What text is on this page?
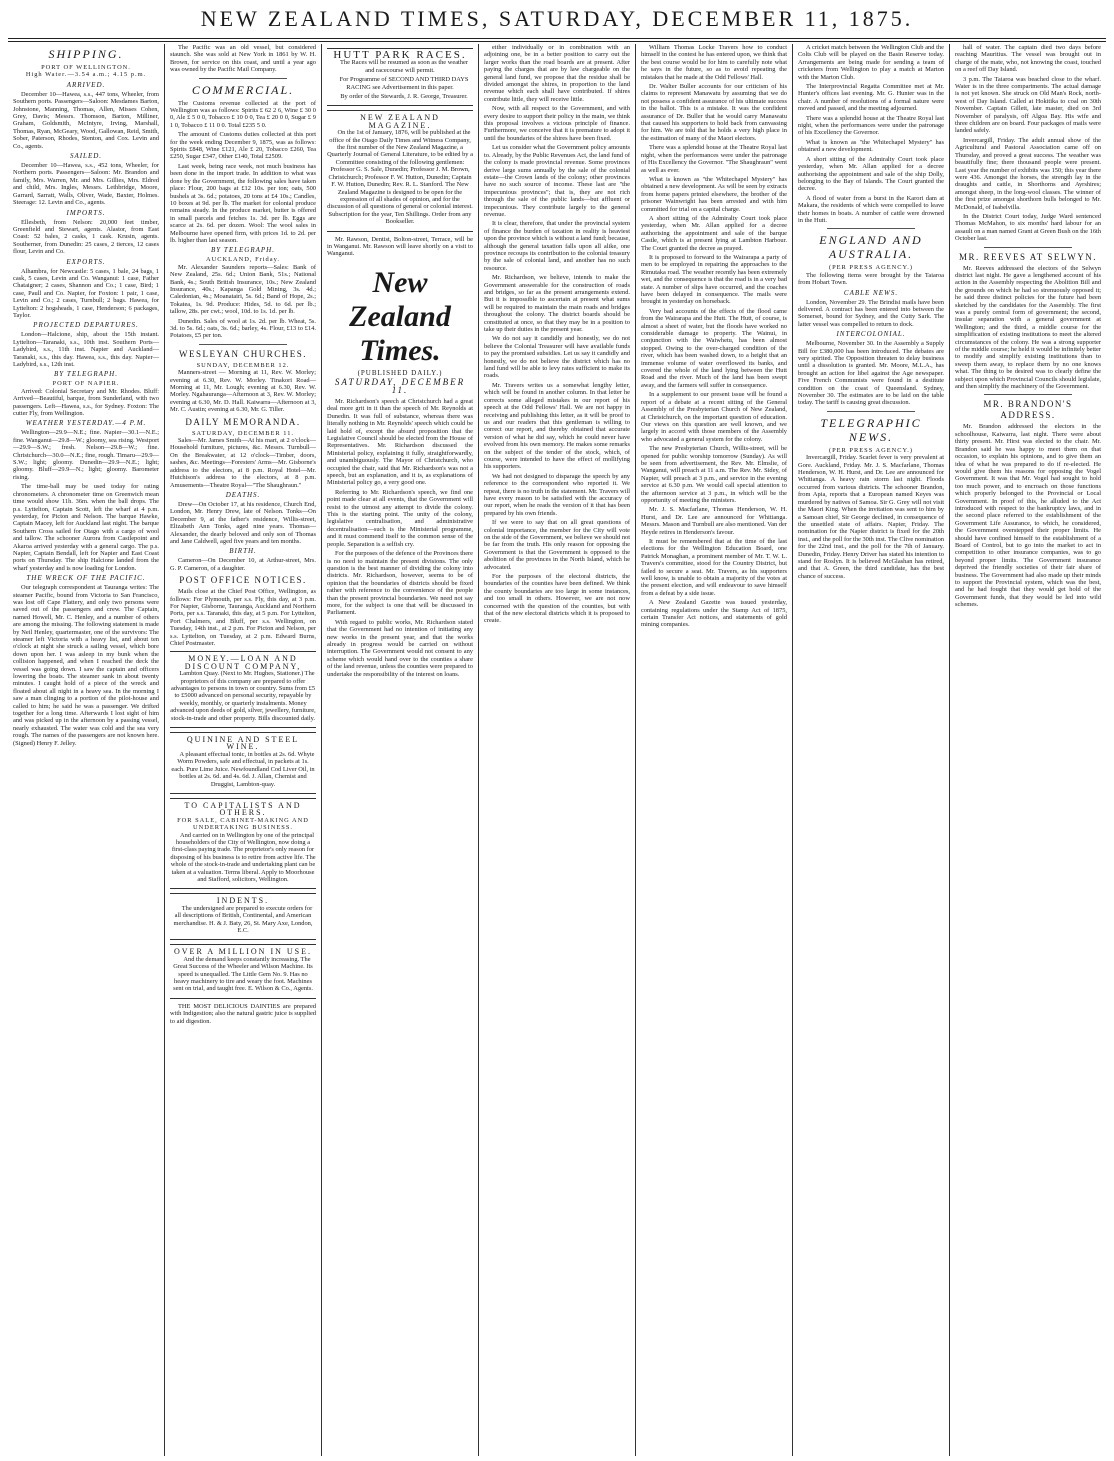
NEW ZEALAND TIMES, SATURDAY, DECEMBER 11, 1875.
SHIPPING.
PORT OF WELLINGTON.
High Water.—3.54 a.m.; 4.15 p.m.
ARRIVED.

December 10—Hawea, s.s., 447 tons, Wheeler, from Southern ports. Passengers—Saloon: Mesdames Barton, Johnstone, Manning, Thomas, Allen, Misses Cohen, Grey, Davis; Messrs. Thomson, Barton, Milliner, Graham, Goldsmith, McIntyre, Irving, Marshall, Thomas, Ryan, McGeary, Wood, Gallowan, Reid, Smith, Sober, Paterson, Rhodes, Stenton, and Cox. Levin and Co., agents.

SAILED.

December 10—Hawea, s.s., 452 tons, Wheeler, for Northern ports. Passengers—Saloon: Mr. Brandon and family, Mrs. Warren, Mr. and Mrs. Gillies, Mrs. Eldred and child, Mrs. Ingles, Messrs. Lethbridge, Moore, Garrard, Sarratt, Walls, Oliver, Wade, Baxter, Holmes. Steerage: 12. Levin and Co., agents.

IMPORTS.

Ellesbeth, from Nelson: 20,000 feet timber, Greenfield and Stewart, agents. Alastor, from East Coast: 52 bales, 2 casks, 1 cask. Krusin, agents. Southerner, from Dunedin: 25 cases, 2 tierces, 12 cases flour, Levin and Co.

EXPORTS.

Alhambra, for Newcastle: 5 cases, 1 bale, 24 bags, 1 cask, 5 cases, Levin and Co. Wanganui: 1 case, Father Chataigner; 2 cases, Shannon and Co.; 1 case, Bird; 1 case, Paull and Co. Napier, for Foxton: 1 pair, 1 case, Levin and Co.; 2 cases, Turnbull; 2 bags. Hawea, for Lyttelton: 2 hogsheads, 1 case, Henderson; 6 packages, Taylor.

PROJECTED DEPARTURES.

London—Halcione, ship, about the 15th instant. Lyttelton—Taranaki, s.s., 10th inst. Southern Ports—Ladybird, s.s., 11th inst. Napier and Auckland—Taranaki, s.s., this day. Hawea, s.s., this day. Napier—Ladybird, s.s., 12th inst.

BY TELEGRAPH.
PORT OF NAPIER.

Arrived: Colonial Secretary and Mr. Rhodes. Bluff: Arrived—Beautiful, barque, from Sunderland, with two passengers. Left—Hawea, s.s., for Sydney. Foxton: The cutter Fly, from Wellington.

WEATHER YESTERDAY.—4 P.M.

Wellington—29.9—N.E.; fine. Napier—30.1—N.E.; fine. Wanganui—29.8—W.; gloomy, sea rising. Westport—29.9—S.W.; fresh. Nelson—29.8—W.; fine. Christchurch—30.0—N.E.; fine, rough. Timaru—29.9—S.W.; light; gloomy. Dunedin—29.9—N.E.; light; gloomy. Bluff—29.9—N.; light; gloomy. Barometer rising.

The time-ball may be used today for rating chronometers. A chronometer time on Greenwich mean time would show 11h. 36m. when the ball drops. The p.s. Lyttelton, Captain Scott, left the wharf at 4 p.m. yesterday, for Picton and Nelson. The barque Hawke, Captain Macey, left for Auckland last night. The barque Southern Cross sailed for Otago with a cargo of wool and tallow. The schooner Aurora from Castlepoint and Akaroa arrived yesterday with a general cargo. The p.s. Napier, Captain Bendall, left for Napier and East Coast ports on Thursday. The ship Halcione landed from the wharf yesterday and is now loading for London.

THE WRECK OF THE PACIFIC.

Our telegraph correspondent at Tauranga writes: The steamer Pacific, bound from Victoria to San Francisco, was lost off Cape Flattery, and only two persons were saved out of the passengers and crew. The Captain, named Howell, Mr. C. Henley, and a number of others are among the missing. The following statement is made by Neil Henley, quartermaster, one of the survivors: The steamer left Victoria with a heavy list, and about ten o'clock at night she struck a sailing vessel, which bore down upon her. I was asleep in my bunk when the collision happened, and when I reached the deck the vessel was going down. I saw the captain and officers lowering the boats. The steamer sank in about twenty minutes. I caught hold of a piece of the wreck and floated about all night in a heavy sea. In the morning I saw a man clinging to a portion of the pilot-house and called to him; he said he was a passenger. We drifted together for a long time. Afterwards I lost sight of him and was picked up in the afternoon by a passing vessel, nearly exhausted. The water was cold and the sea very rough. The names of the passengers are not known here. (Signed) Henry F. Jelley.

The Pacific was an old vessel, but considered staunch. She was sold at New York in 1861 by W. H. Brown, for service on this coast, and until a year ago was owned by the Pacific Mail Company.

COMMERCIAL.

The Customs revenue collected at the port of Wellington was as follows: Spirits £ 62 2 6, Wine £ 30 0 0, Ale £ 5 0 0, Tobacco £ 10 0 0, Tea £ 20 0 0, Sugar £ 9 1 0, Tobacco £ 11 0 0. Total £235 5 0.

The amount of Customs duties collected at this port for the week ending December 9, 1875, was as follows: Spirits £848, Wine £121, Ale £ 20, Tobacco £260, Tea £250, Sugar £347, Other £140, Total £2509.

Last week, being race week, not much business has been done in the import trade. In addition to what was done by the Government, the following sales have taken place: Flour, 200 bags at £12 10s. per ton; oats, 500 bushels at 3s. 6d.; potatoes, 20 tons at £4 10s.; Candles, 10 boxes at 9d. per lb. The market for colonial produce remains steady. In the produce market, butter is offered in small parcels and fetches 1s. 3d. per lb. Eggs are scarce at 2s. 6d. per dozen. Wool: The wool sales in Melbourne have opened firm, with prices 1d. to 2d. per lb. higher than last season.

BY TELEGRAPH.
AUCKLAND, Friday.

Mr. Alexander Saunders reports—Sales: Bank of New Zealand, 25s. 6d.; Union Bank, 51s.; National Bank, 4s.; South British Insurance, 10s.; New Zealand Insurance, 40s.; Kapanga Gold Mining, 3s. 4d.; Caledonian, 4s.; Moanatairi, 5s. 6d.; Band of Hope, 2s.; Tokatea, 1s. 9d. Produce: Hides, 5d. to 6d. per lb.; tallow, 28s. per cwt.; wool, 10d. to 1s. 1d. per lb.

Dunedin. Sales of wool at 1s. 2d. per lb. Wheat, 5s. 3d. to 5s. 6d.; oats, 3s. 6d.; barley, 4s. Flour, £13 to £14. Potatoes, £5 per ton.

WESLEYAN CHURCHES.
SUNDAY, DECEMBER 12.

Manners-street — Morning at 11, Rev. W. Morley; evening at 6.30, Rev. W. Morley. Tinakori Road—Morning at 11, Mr. Lough; evening at 6.30, Rev. W. Morley. Ngahauranga—Afternoon at 3, Rev. W. Morley; evening at 6.30, Mr. D. Hall. Kaiwarra—Afternoon at 3, Mr. C. Austin; evening at 6.30, Mr. G. Tiller.

DAILY MEMORANDA.
SATURDAY, DECEMBER 11.

Sales—Mr. James Smith—At his mart, at 2 o'clock—Household furniture, pictures, &c. Messrs. Turnbull—On the Breakwater, at 12 o'clock—Timber, doors, sashes, &c. Meetings—Foresters' Arms—Mr. Gisborne's address to the electors, at 8 p.m. Royal Hotel—Mr. Hutchison's address to the electors, at 8 p.m. Amusements—Theatre Royal—"The Shaughraun."

DEATHS.

Drew—On October 17, at his residence, Church End, London, Mr. Henry Drew, late of Nelson. Tonks—On December 9, at the father's residence, Willis-street, Elizabeth Ann Tonks, aged nine years. Thomas—Alexander, the dearly beloved and only son of Thomas and Jane Caldwell, aged five years and ten months.

BIRTH.

Cameron—On December 10, at Arthur-street, Mrs. G. P. Cameron, of a daughter.

POST OFFICE NOTICES.

Mails close at the Chief Post Office, Wellington, as follows: For Plymouth, per s.s. Fly, this day, at 3 p.m. For Napier, Gisborne, Tauranga, Auckland and Northern Ports, per s.s. Taranaki, this day, at 5 p.m. For Lyttelton, Port Chalmers, and Bluff, per s.s. Wellington, on Tuesday, 14th inst., at 2 p.m. For Picton and Nelson, per s.s. Lyttelton, on Tuesday, at 2 p.m. Edward Burns, Chief Postmaster.

MONEY.—LOAN AND DISCOUNT COMPANY,

Lambton Quay. (Next to Mr. Hughes, Stationer.) The proprietors of this company are prepared to offer advantages to persons in town or country. Sums from £5 to £5000 advanced on personal security, repayable by weekly, monthly, or quarterly instalments. Money advanced upon deeds of gold, silver, jewellery, furniture, stock-in-trade and other property. Bills discounted daily.

QUININE AND STEEL WINE.

A pleasant effectual tonic, in bottles at 2s. 6d. Whyte Worm Powders, safe and effectual, in packets at 1s. each. Pure Lime Juice. Newfoundland Cod Liver Oil, in bottles at 2s. 6d. and 4s. 6d. J. Allan, Chemist and Druggist, Lambton-quay.

TO CAPITALISTS AND OTHERS.
FOR SALE, CABINET-MAKING AND UNDERTAKING BUSINESS.

And carried on in Wellington by one of the principal householders of the City of Wellington, now doing a first-class paying trade. The proprietor's only reason for disposing of his business is to retire from active life. The whole of the stock-in-trade and undertaking plant can be taken at a valuation. Terms liberal. Apply to Moorhouse and Stafford, solicitors, Wellington.

INDENTS.

The undersigned are prepared to execute orders for all descriptions of British, Continental, and American merchandise. H. & J. Baty, 26, St. Mary Axe, London, E.C.

OVER A MILLION IN USE.

And the demand keeps constantly increasing. The Great Success of the Wheeler and Wilson Machine. Its speed is unequalled. The Little Gem No. 9. Has no heavy machinery to tire and weary the foot. Machines sent on trial, and taught free. E. Wilson & Co., Agents.

THE MOST DELICIOUS DAINTIES are prepared with Indigestion; also the natural gastric juice is supplied to aid digestion.

HUTT PARK RACES.

The Races will be resumed as soon as the weather and racecourse will permit.

For Programme of SECOND AND THIRD DAYS RACING see Advertisement in this paper.

By order of the Stewards, J. R. George, Treasurer.

NEW ZEALAND MAGAZINE.

On the 1st of January, 1876, will be published at the office of the Otago Daily Times and Witness Company, the first number of the New Zealand Magazine, a Quarterly Journal of General Literature, to be edited by a Committee consisting of the following gentlemen: Professor G. S. Sale, Dunedin; Professor J. M. Brown, Christchurch; Professor F. W. Hutton, Dunedin; Captain F. W. Hutton, Dunedin; Rev. R. L. Stanford. The New Zealand Magazine is designed to be open for the expression of all shades of opinion, and for the discussion of all questions of general or colonial interest. Subscription for the year, Ten Shillings. Order from any Bookseller.

Mr. Rawson, Dentist, Bolton-street, Terrace, will be in Wanganui. Mr. Rawson will leave shortly on a visit to Wanganui.

New Zealand Times.
(PUBLISHED DAILY.)
SATURDAY, DECEMBER 11.

Mr. Richardson's speech at Christchurch had a great deal more grit in it than the speech of Mr. Reynolds at Dunedin. It was full of substance, whereas there was literally nothing in Mr. Reynolds' speech which could be laid hold of, except the absurd proposition that the Legislative Council should be elected from the House of Representatives. Mr. Richardson discussed the Ministerial policy, explaining it fully, straightforwardly, and unambiguously. The Mayor of Christchurch, who occupied the chair, said that Mr. Richardson's was not a speech, but an explanation, and it is, as explanations of Ministerial policy go, a very good one.

Referring to Mr. Richardson's speech, we find one point made clear at all events, that the Government will resist to the utmost any attempt to divide the colony. This is the starting point. The unity of the colony, legislative centralisation, and administrative decentralisation—such is the Ministerial programme, and it must commend itself to the common sense of the people. Separation is a selfish cry.

For the purposes of the defence of the Provinces there is no need to maintain the present divisions. The only question is the best manner of dividing the colony into districts. Mr. Richardson, however, seems to be of opinion that the boundaries of districts should be fixed rather with reference to the convenience of the people than the present provincial boundaries. We need not say more, for the subject is one that will be discussed in Parliament.

With regard to public works, Mr. Richardson stated that the Government had no intention of initiating any new works in the present year, and that the works already in progress would be carried on without interruption. The Government would not consent to any scheme which would hand over to the counties a share of the land revenue, unless the counties were prepared to undertake the responsibility of the interest on loans.

either individually or in combination with an adjoining one, be in a better position to carry out the larger works than the road boards are at present. After paying the charges that are by law chargeable on the general land fund, we propose that the residue shall be divided amongst the shires, in proportion to the land revenue which each shall have contributed. If shires contribute little, they will receive little.

Now, with all respect to the Government, and with every desire to support their policy in the main, we think this proposal involves a vicious principle of finance. Furthermore, we conceive that it is premature to adopt it until the boundaries of the shires have been fixed.

Let us consider what the Government policy amounts to. Already, by the Public Revenues Act, the land fund of the colony is made provincial revenue. Some provinces derive large sums annually by the sale of the colonial estate—the Crown lands of the colony; other provinces have no such source of income. These last are "the impecunious provinces"; that is, they are not rich through the sale of the public lands—but affluent or impecunious. They contribute largely to the general revenue.

It is clear, therefore, that under the provincial system of finance the burden of taxation in reality is heaviest upon the province which is without a land fund; because, although the general taxation falls upon all alike, one province recoups its contribution to the colonial treasury by the sale of colonial land, and another has no such resource.

Mr. Richardson, we believe, intends to make the Government answerable for the construction of roads and bridges, so far as the present arrangements extend. But it is impossible to ascertain at present what sums will be required to maintain the main roads and bridges throughout the colony. The district boards should be constituted at once, so that they may be in a position to take up their duties in the present year.

We do not say it candidly and honestly, we do not believe the Colonial Treasurer will have available funds to pay the promised subsidies. Let us say it candidly and honestly, we do not believe the district which has no land fund will be able to levy rates sufficient to make its roads.

Mr. Travers writes us a somewhat lengthy letter, which will be found in another column. In that letter he corrects some alleged mistakes in our report of his speech at the Odd Fellows' Hall. We are not happy in receiving and publishing this letter, as it will be proof to us and our readers that this gentleman is willing to correct our report, and thereby obtained that accurate version of what he did say, which he could never have evolved from his own memory. He makes some remarks on the subject of the tender of the stock, which, of course, were intended to have the effect of mollifying his supporters.

We had not designed to disparage the speech by any reference to the correspondent who reported it. We repeat, there is no truth in the statement. Mr. Travers will have every reason to be satisfied with the accuracy of our report, when he reads the version of it that has been prepared by his own friends.

If we were to say that on all great questions of colonial importance, the member for the City will vote on the side of the Government, we believe we should not be far from the truth. His only reason for opposing the Government is that the Government is opposed to the abolition of the provinces in the North Island, which he advocated.

For the purposes of the electoral districts, the boundaries of the counties have been defined. We think the county boundaries are too large in some instances, and too small in others. However, we are not now concerned with the question of the counties, but with that of the new electoral districts which it is proposed to create.

William Thomas Locke Travers how to conduct himself in the contest he has entered upon, we think that the best course would be for him to carefully note what he says in the future, so as to avoid repeating the mistakes that he made at the Odd Fellows' Hall.

Dr. Walter Buller accounts for our criticism of his claims to represent Manawatu by assuming that we do not possess a confident assurance of his ultimate success in the ballot. This is a mistake. It was the confident assurance of Dr. Buller that he would carry Manawatu that caused his supporters to hold back from canvassing for him. We are told that he holds a very high place in the estimation of many of the Maori electors.

There was a splendid house at the Theatre Royal last night, when the performances were under the patronage of His Excellency the Governor. "The Shaughraun" went as well as ever.

What is known as "the Whitechapel Mystery" has obtained a new development. As will be seen by extracts from home papers printed elsewhere, the brother of the prisoner Wainwright has been arrested and with him committed for trial on a capital charge.

A short sitting of the Admiralty Court took place yesterday, when Mr. Allan applied for a decree authorising the appointment and sale of the barque Castle, which is at present lying at Lambton Harbour. The Court granted the decree as prayed.

It is proposed to forward to the Wairarapa a party of men to be employed in repairing the approaches to the Rimutaka road. The weather recently has been extremely wet, and the consequence is that the road is in a very bad state. A number of slips have occurred, and the coaches have been delayed in consequence. The mails were brought in yesterday on horseback.

Very bad accounts of the effects of the flood came from the Wairarapa and the Hutt. The Hutt, of course, is almost a sheet of water, but the floods have worked no considerable damage to property. The Wainui, in conjunction with the Waiwhetu, has been almost stopped. Owing to the over-charged condition of the river, which has been washed down, to a height that an immense volume of water overflowed its banks, and covered the whole of the land lying between the Hutt Road and the river. Much of the land has been swept away, and the farmers will suffer in consequence.

In a supplement to our present issue will be found a report of a debate at a recent sitting of the General Assembly of the Presbyterian Church of New Zealand, at Christchurch, on the important question of education. Our views on this question are well known, and we largely in accord with those members of the Assembly who advocated a general system for the colony.

The new Presbyterian Church, Willis-street, will be opened for public worship tomorrow (Sunday). As will be seen from advertisement, the Rev. Mr. Elmslie, of Wanganui, will preach at 11 a.m. The Rev. Mr. Sidey, of Napier, will preach at 3 p.m., and service in the evening service at 6.30 p.m. We would call special attention to the afternoon service at 3 p.m., in which will be the opportunity of meeting the ministers.

Mr. J. S. Macfarlane, Thomas Henderson, W. H. Hurst, and Dr. Lee are announced for Whitianga. Messrs. Mason and Turnbull are also mentioned. Van der Heyde retires in Henderson's favour.

It must be remembered that at the time of the last elections for the Wellington Education Board, one Patrick Monaghan, a prominent member of Mr. T. W. L. Travers's committee, stood for the Country District, but failed to secure a seat. Mr. Travers, as his supporters well know, is unable to obtain a majority of the votes at the present election, and will endeavour to save himself from a defeat by a side issue.

A New Zealand Gazette was issued yesterday, containing regulations under the Stamp Act of 1875, certain Transfer Act notices, and statements of gold mining companies.

A cricket match between the Wellington Club and the Colts Club will be played on the Basin Reserve today. Arrangements are being made for sending a team of cricketers from Wellington to play a match at Marton with the Marton Club.

The Interprovincial Regatta Committee met at Mr. Hunter's offices last evening. Mr. G. Hunter was in the chair. A number of resolutions of a formal nature were moved and passed, and the meeting adjourned.

There was a splendid house at the Theatre Royal last night, when the performances were under the patronage of his Excellency the Governor.

What is known as "the Whitechapel Mystery" has obtained a new development.

A short sitting of the Admiralty Court took place yesterday, when Mr. Allan applied for a decree authorising the appointment and sale of the ship Dolly, belonging to the Bay of Islands. The Court granted the decree.

A flood of water from a burst in the Karori dam at Makara, the residents of which were compelled to leave their homes in boats. A number of cattle were drowned in the Hutt.

ENGLAND AND AUSTRALIA.
(PER PRESS AGENCY.)

The following items were brought by the Taiaroa from Hobart Town.

CABLE NEWS.

London, November 29. The Brindisi mails have been delivered. A contract has been entered into between the Somerset, bound for Sydney, and the Cutty Sark. The latter vessel was compelled to return to dock.

INTERCOLONIAL.

Melbourne, November 30. In the Assembly a Supply Bill for £380,000 has been introduced. The debates are very spirited. The Opposition threaten to delay business until a dissolution is granted. Mr. Moore, M.L.A., has brought an action for libel against the Age newspaper. Five French Communists were found in a destitute condition on the coast of Queensland. Sydney, November 30. The estimates are to be laid on the table today. The tariff is causing great discussion.

TELEGRAPHIC NEWS.
(PER PRESS AGENCY.)

Invercargill, Friday. Scarlet fever is very prevalent at Gore. Auckland, Friday. Mr. J. S. Macfarlane, Thomas Henderson, W. H. Hurst, and Dr. Lee are announced for Whitianga. A heavy rain storm last night. Floods occurred from various districts. The schooner Brandon, from Apia, reports that a European named Keyes was murdered by natives of Samoa. Sir G. Grey will not visit the Maori King. When the invitation was sent to him by a Samoan chief, Sir George declined, in consequence of the unsettled state of affairs. Napier, Friday. The nomination for the Napier district is fixed for the 20th inst., and the poll for the 30th inst. The Clive nomination for the 22nd inst., and the poll for the 7th of January. Dunedin, Friday. Henry Driver has stated his intention to stand for Roslyn. It is believed McGlashan has retired, and that A. Green, the third candidate, has the best chance of success.

hall of water. The captain died two days before reaching Mauritius. The vessel was brought out in charge of the mate, who, not knowing the coast, touched on a reef off Day Island.

3 p.m. The Taiaroa was beached close to the wharf. Water is in the three compartments. The actual damage is not yet known. She struck on Old Man's Rock, north-west of Day Island. Called at Hokitika to coal on 30th November. Captain Gillett, late master, died on 3rd November of paralysis, off Algoa Bay. His wife and three children are on board. Four packages of mails were landed safely.

Invercargill, Friday. The adult annual show of the Agricultural and Pastoral Association came off on Thursday, and proved a great success. The weather was beautifully fine; there thousand people were present. Last year the number of exhibits was 150; this year there were 436. Amongst the horses, the strength lay in the draughts and cattle, in Shorthorns and Ayrshires; amongst sheep, in the long-wool classes. The winner of the first prize amongst shorthorn bulls belonged to Mr. McDonald, of Isabelvilla.

In the District Court today, Judge Ward sentenced Thomas McMahon, to six months' hard labour for an assault on a man named Grant at Green Bush on the 16th October last.

MR. REEVES AT SELWYN.

Mr. Reeves addressed the electors of the Selwyn district last night. He gave a lengthened account of his action in the Assembly respecting the Abolition Bill and the grounds on which he had so strenuously opposed it; he said three distinct policies for the future had been sketched by the candidates for the Assembly. The first was a purely central form of government; the second, insular separation with a general government at Wellington; and the third, a middle course for the simplification of existing institutions to meet the altered circumstances of the colony. He was a strong supporter of the middle course; he held it would be infinitely better to modify and simplify existing institutions than to sweep them away, to replace them by no one knows what. The thing to be desired was to clearly define the subject upon which Provincial Councils should legislate, and then simplify the machinery of the Government.

MR. BRANDON'S ADDRESS.

Mr. Brandon addressed the electors in the schoolhouse, Kaiwarra, last night. There were about thirty present. Mr. Hirst was elected to the chair. Mr. Brandon said he was happy to meet them on that occasion, to explain his opinions, and to give them an idea of what he was prepared to do if re-elected. He would give them his reasons for opposing the Vogel Government. It was that Mr. Vogel had sought to hold too much power, and to encroach on those functions which properly belonged to the Provincial or Local Government. In proof of this, he alluded to the Act introduced with respect to the bankruptcy laws, and in the second place referred to the establishment of the Government Life Assurance, to which, he considered, the Government overstepped their proper limits. He should have confined himself to the establishment of a Board of Control, but to go into the market to act in competition to other insurance companies, was to go beyond proper limits. The Government insurance deprived the friendly societies of their fair share of business. The Government had also made up their minds to support the Provincial system, which was the best, and he had fought that they would get hold of the Government funds, that they would be led into wild schemes.
